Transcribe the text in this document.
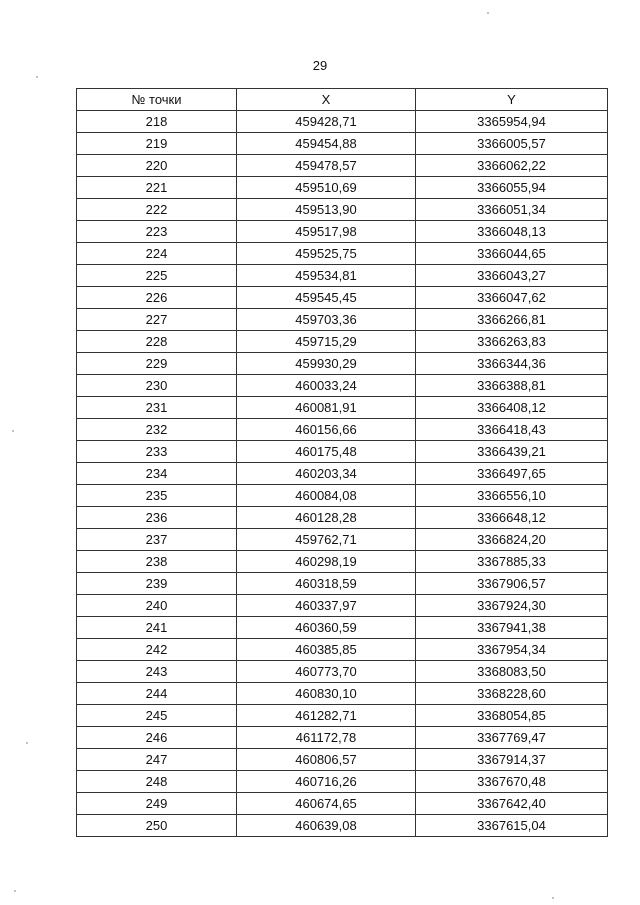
29
№ точки	X	Y
218	459428,71	3365954,94
219	459454,88	3366005,57
220	459478,57	3366062,22
221	459510,69	3366055,94
222	459513,90	3366051,34
223	459517,98	3366048,13
224	459525,75	3366044,65
225	459534,81	3366043,27
226	459545,45	3366047,62
227	459703,36	3366266,81
228	459715,29	3366263,83
229	459930,29	3366344,36
230	460033,24	3366388,81
231	460081,91	3366408,12
232	460156,66	3366418,43
233	460175,48	3366439,21
234	460203,34	3366497,65
235	460084,08	3366556,10
236	460128,28	3366648,12
237	459762,71	3366824,20
238	460298,19	3367885,33
239	460318,59	3367906,57
240	460337,97	3367924,30
241	460360,59	3367941,38
242	460385,85	3367954,34
243	460773,70	3368083,50
244	460830,10	3368228,60
245	461282,71	3368054,85
246	461172,78	3367769,47
247	460806,57	3367914,37
248	460716,26	3367670,48
249	460674,65	3367642,40
250	460639,08	3367615,04
